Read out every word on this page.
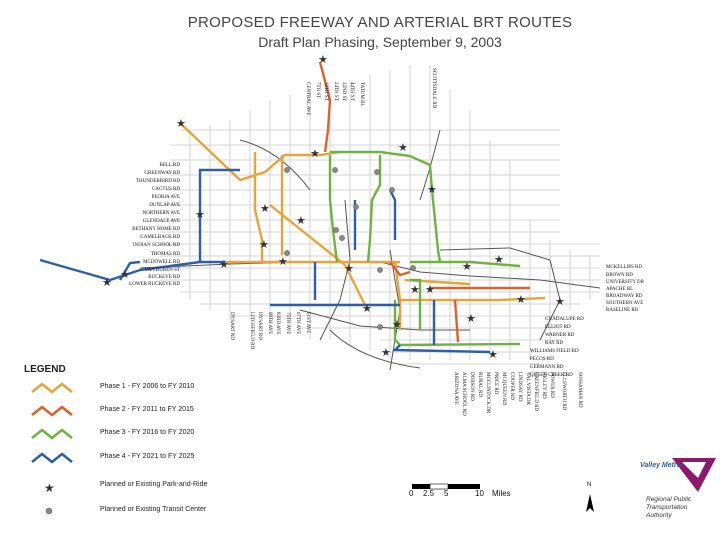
PROPOSED FREEWAY AND ARTERIAL BRT ROUTES
Draft Plan Phasing, September 9, 2003
★
★
★	★
★
★	★
★
★
★	★
★
★
★	★
★
★ ★
★	★
★
★	★
★	★
★
BELL RD
GREENWAY RD
THUNDERBIRD RD
CACTUS RD
PEORIA AVE
DUNLAP AVE
NORTHERN AVE
GLENDALE AVE
BETHANY HOME RD
CAMELBACK RD
INDIAN SCHOOL RD
THOMAS RD
MCDOWELL RD
VAN BUREN ST
BUCKEYE RD
LOWER BUCKEYE RD
MCKELLIPS RD
BROWN RD
UNIVERSITY DR
APACHE BL
BROADWAY RD
SOUTHERN AVE
BASELINE RD
GUADALUPE RD
ELLIOT RD
WARNER RD
RAY RD
WILLIAMS FIELD RD
PECOS RD
GERMANN RD
QUEEN CREEK RD
SCOTTSDALE RD
TATUM BL
44TH ST
32ND ST
24TH ST
16TH ST
7TH ST
CENTRAL AVE
DYSART RD	LITCHFIELD RD DYSART RD 99TH AVE 83RD AVE 75TH AVE 67TH AVE 51ST AVE
ARIZONA AVE ALMA SCHOOL RD DOBSON RD RURAL RD MCCLINTOCK DR PRICE RD MCQUEEN RD COOPER RD LINDSAY RD VAL VISTA DR GREENFIELD RD HIGLEY RD POWER RD ELLSWORTH RD SOSSAMAN RD
LEGEND
Phase 1 - FY 2006 to FY 2010
Phase 2 - FY 2011 to FY 2015
Phase 3 - FY 2016 to FY 2020
Phase 4 - FY 2021 to FY 2025
Planned or Existing Park-and-Ride
Planned or Existing Transit Center
0 2.5 5	10 Miles
N
Valley Metro
Regional Public
Transportation
Authority
